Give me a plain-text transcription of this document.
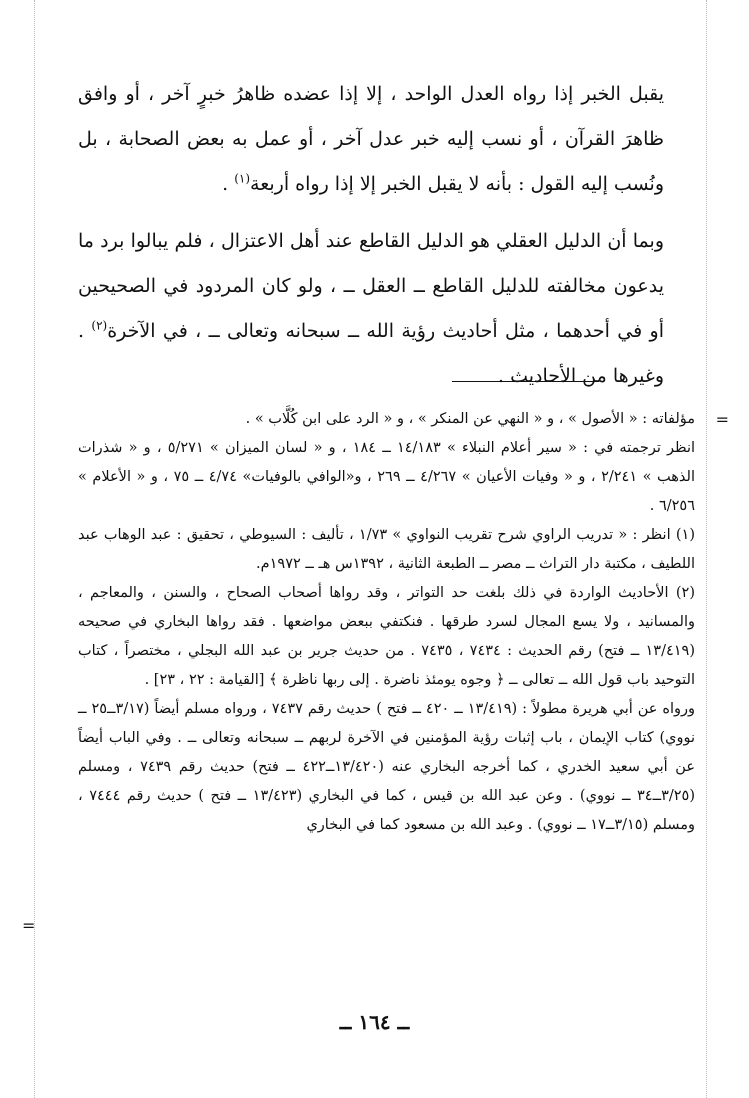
يقبل الخبر إذا رواه العدل الواحد ، إلا إذا عضده ظاهرُ خبرٍ آخر ، أو وافق ظاهرَ القرآن ، أو نسب إليه خبر عدل آخر ، أو عمل به بعض الصحابة ، بل ونُسب إليه القول : بأنه لا يقبل الخبر إلا إذا رواه أربعة$^{(١)}$ .

وبما أن الدليل العقلي هو الدليل القاطع عند أهل الاعتزال ، فلم يبالوا برد ما يدعون مخالفته للدليل القاطع ــ العقل ــ ، ولو كان المردود في الصحيحين أو في أحدهما ، مثل أحاديث رؤية الله ــ سبحانه وتعالى ــ ، في الآخرة$^{(٢)}$ . وغيرها من الأحاديث .

=

مؤلفاته : « الأصول » ، و « النهي عن المنكر » ، و « الرد على ابن كُلَّاب » .

انظر ترجمته في : « سير أعلام النبلاء » ١٤/١٨٣ ــ ١٨٤ ، و « لسان الميزان » ٥/٢٧١ ، و « شذرات الذهب » ٢/٢٤١ ، و « وفيات الأعيان » ٤/٢٦٧ ــ ٢٦٩ ، و«الوافي بالوفيات» ٤/٧٤ ــ ٧٥ ، و « الأعلام » ٦/٢٥٦ .

(١) انظر : « تدريب الراوي شرح تقريب النواوي » ١/٧٣ ، تأليف : السيوطي ، تحقيق : عبد الوهاب عبد اللطيف ، مكتبة دار التراث ــ مصر ــ الطبعة الثانية ، ١٣٩٢س هـ ــ ١٩٧٢م.

(٢) الأحاديث الواردة في ذلك بلغت حد التواتر ، وقد رواها أصحاب الصحاح ، والسنن ، والمعاجم ، والمسانيد ، ولا يسع المجال لسرد طرقها . فنكتفي ببعض مواضعها . فقد رواها البخاري في صحيحه (١٣/٤١٩ ــ فتح) رقم الحديث : ٧٤٣٤ ، ٧٤٣٥ . من حديث جرير بن عبد الله البجلي ، مختصراً ، كتاب التوحيد باب قول الله ــ تعالى ــ ﴿ وجوه يومئذ ناضرة . إلى ربها ناظرة ﴾ [القيامة : ٢٢ ، ٢٣] .

ورواه عن أبي هريرة مطولاً : (١٣/٤١٩ ــ ٤٢٠ ــ فتح ) حديث رقم ٧٤٣٧ ، ورواه مسلم أيضاً (٣/١٧ــ٢٥ ــ نووي) كتاب الإيمان ، باب إثبات رؤية المؤمنين في الآخرة لربهم ــ سبحانه وتعالى ــ . وفي الباب أيضاً عن أبي سعيد الخدري ، كما أخرجه البخاري عنه (١٣/٤٢٠ــ٤٢٢ ــ فتح) حديث رقم ٧٤٣٩ ، ومسلم (٣/٢٥ــ٣٤ ــ نووي) . وعن عبد الله بن قيس ، كما في البخاري (١٣/٤٢٣ ــ فتح ) حديث رقم ٧٤٤٤ ، ومسلم (٣/١٥ــ١٧ ــ نووي) . وعبد الله بن مسعود كما في البخاري

=
ــ ١٦٤ ــ
